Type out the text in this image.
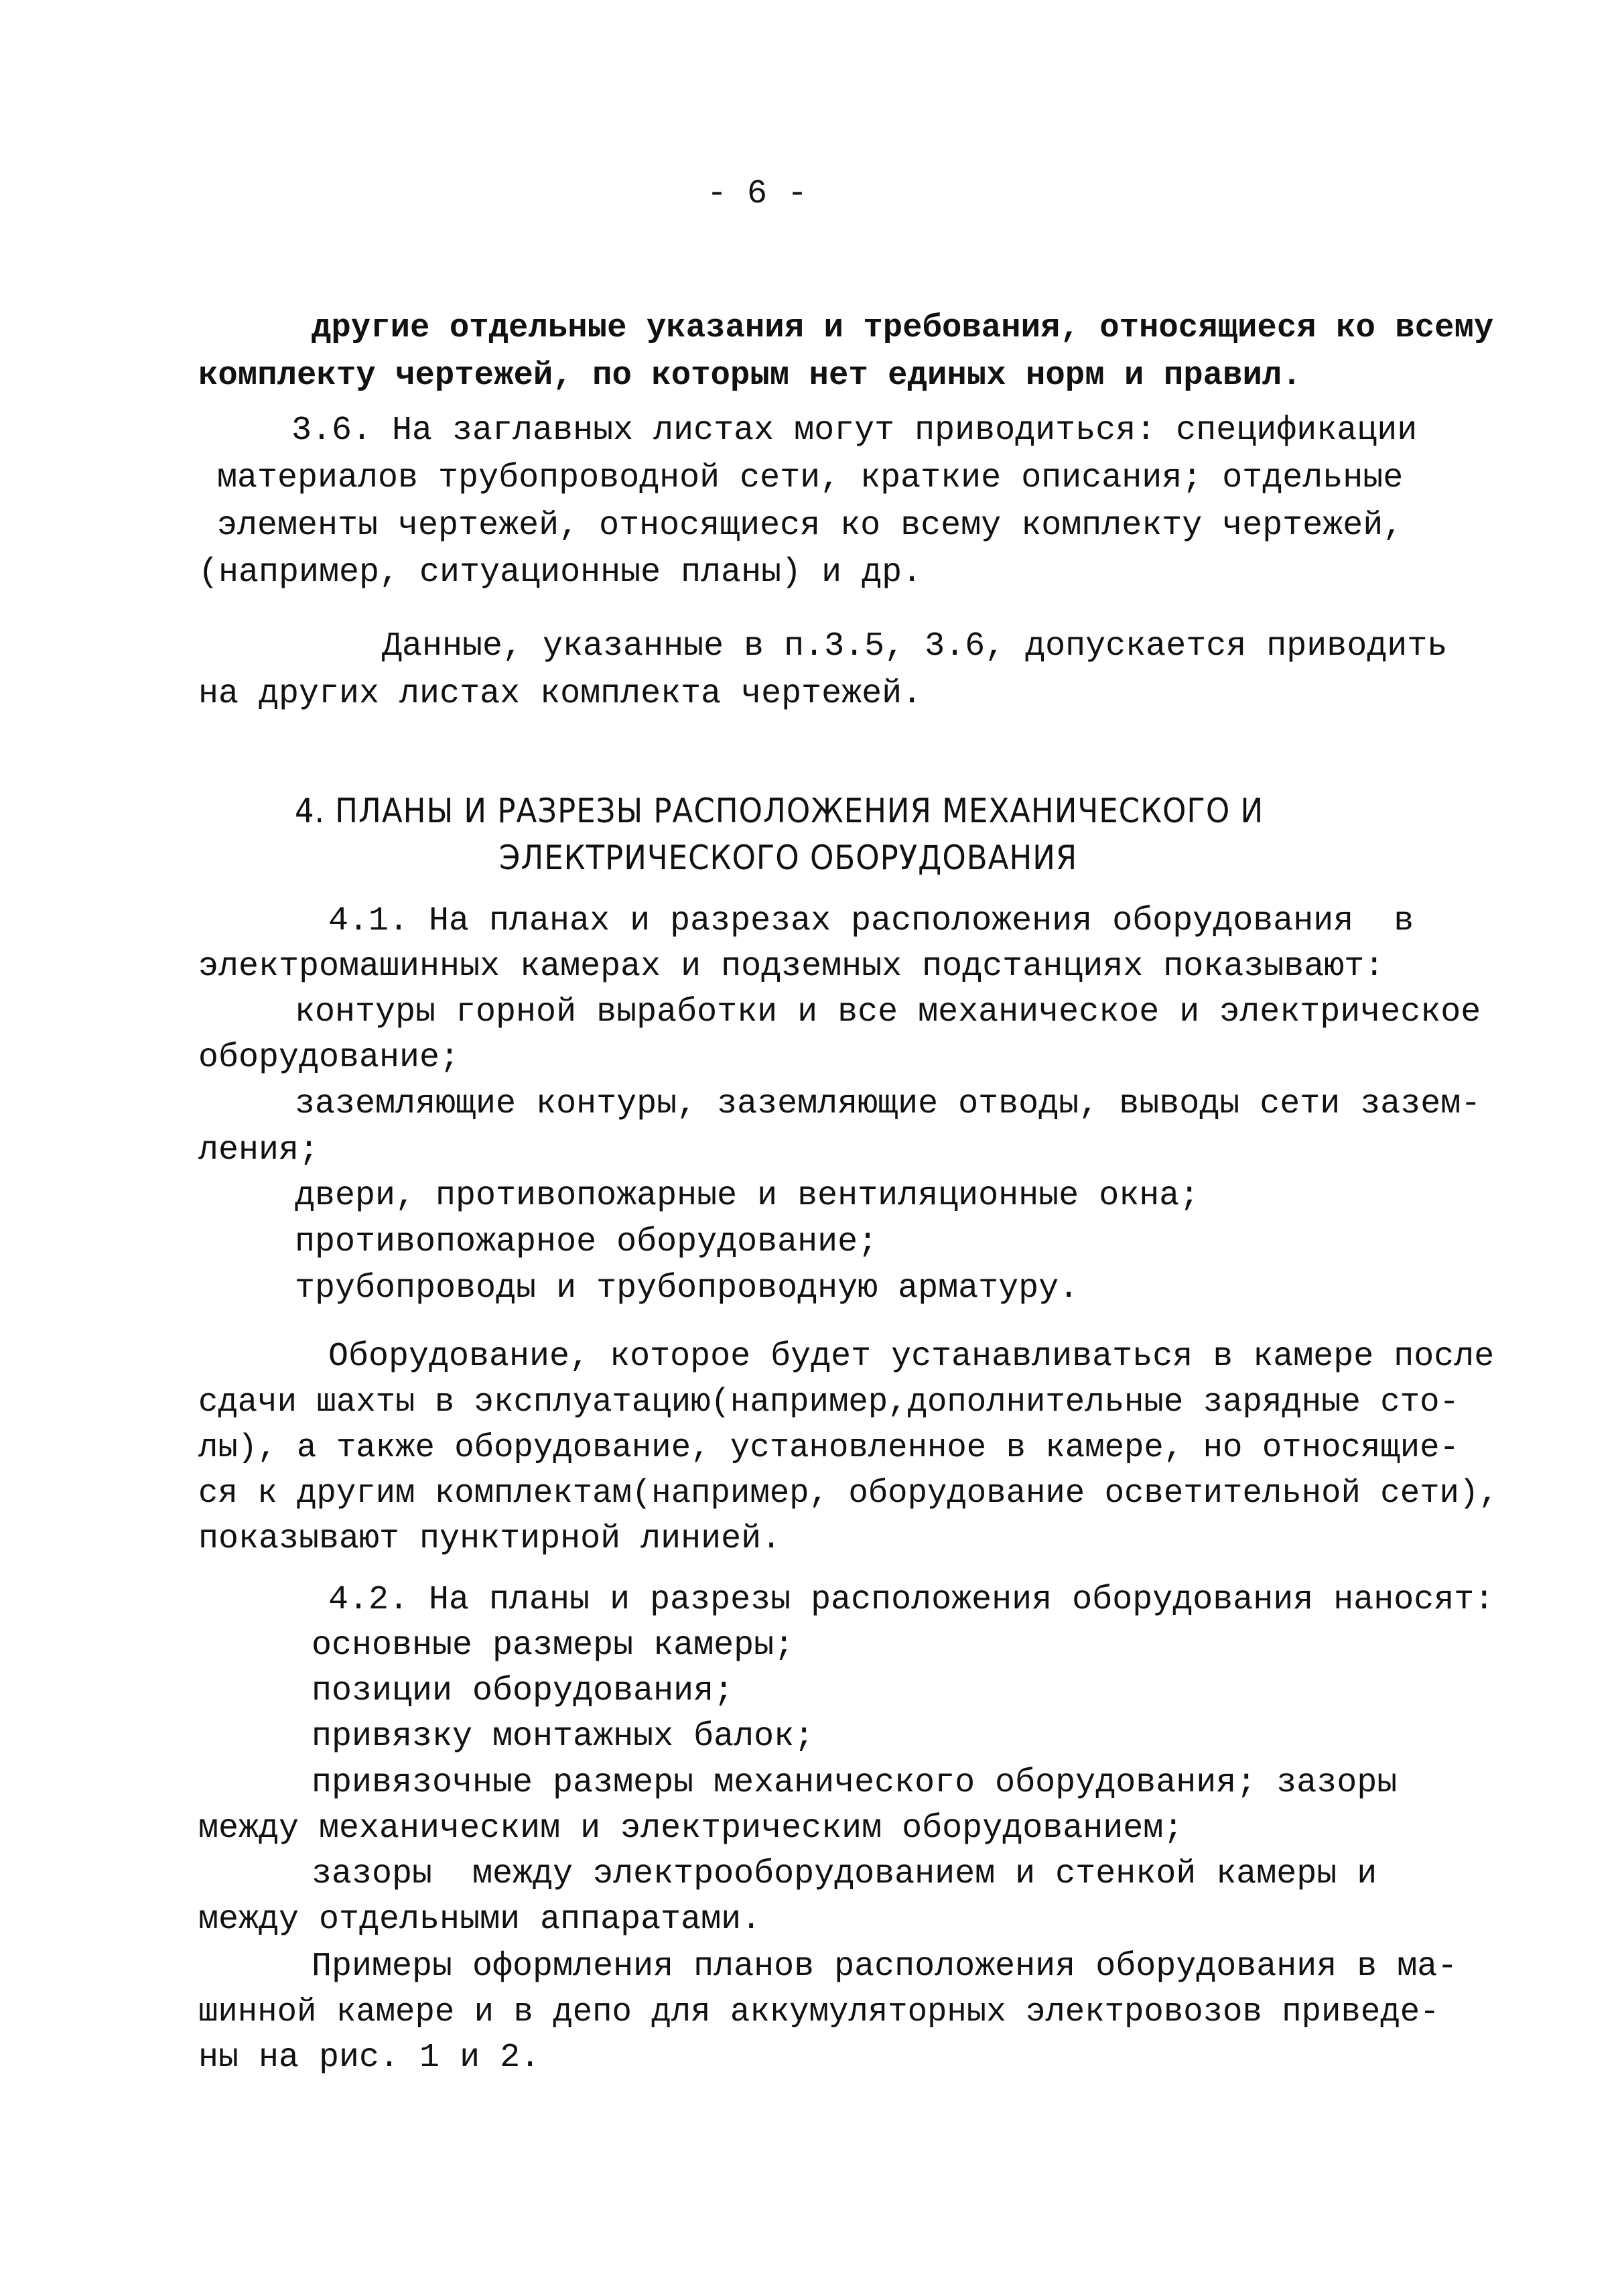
- 6 -
другие отдельные указания и требования, относящиеся ко всему
комплекту чертежей, по которым нет единых норм и правил.
3.6. На заглавных листах могут приводиться: спецификации
материалов трубопроводной сети, краткие описания; отдельные
элементы чертежей, относящиеся ко всему комплекту чертежей,
(например, ситуационные планы) и др.
Данные, указанные в п.3.5, 3.6, допускается приводить
на других листах комплекта чертежей.
4. ПЛАНЫ И РАЗРЕЗЫ РАСПОЛОЖЕНИЯ МЕХАНИЧЕСКОГО И
ЭЛЕКТРИЧЕСКОГО ОБОРУДОВАНИЯ
4.1. На планах и разрезах расположения оборудования  в
электромашинных камерах и подземных подстанциях показывают:
контуры горной выработки и все механическое и электрическое
оборудование;
заземляющие контуры, заземляющие отводы, выводы сети зазем-
ления;
двери, противопожарные и вентиляционные окна;
противопожарное оборудование;
трубопроводы и трубопроводную арматуру.
Оборудование, которое будет устанавливаться в камере после
сдачи шахты в эксплуатацию(например,дополнительные зарядные сто-
лы), а также оборудование, установленное в камере, но относящие-
ся к другим комплектам(например, оборудование осветительной сети),
показывают пунктирной линией.
4.2. На планы и разрезы расположения оборудования наносят:
основные размеры камеры;
позиции оборудования;
привязку монтажных балок;
привязочные размеры механического оборудования; зазоры
между механическим и электрическим оборудованием;
зазоры  между электрооборудованием и стенкой камеры и
между отдельными аппаратами.
Примеры оформления планов расположения оборудования в ма-
шинной камере и в депо для аккумуляторных электровозов приведе-
ны на рис. 1 и 2.
